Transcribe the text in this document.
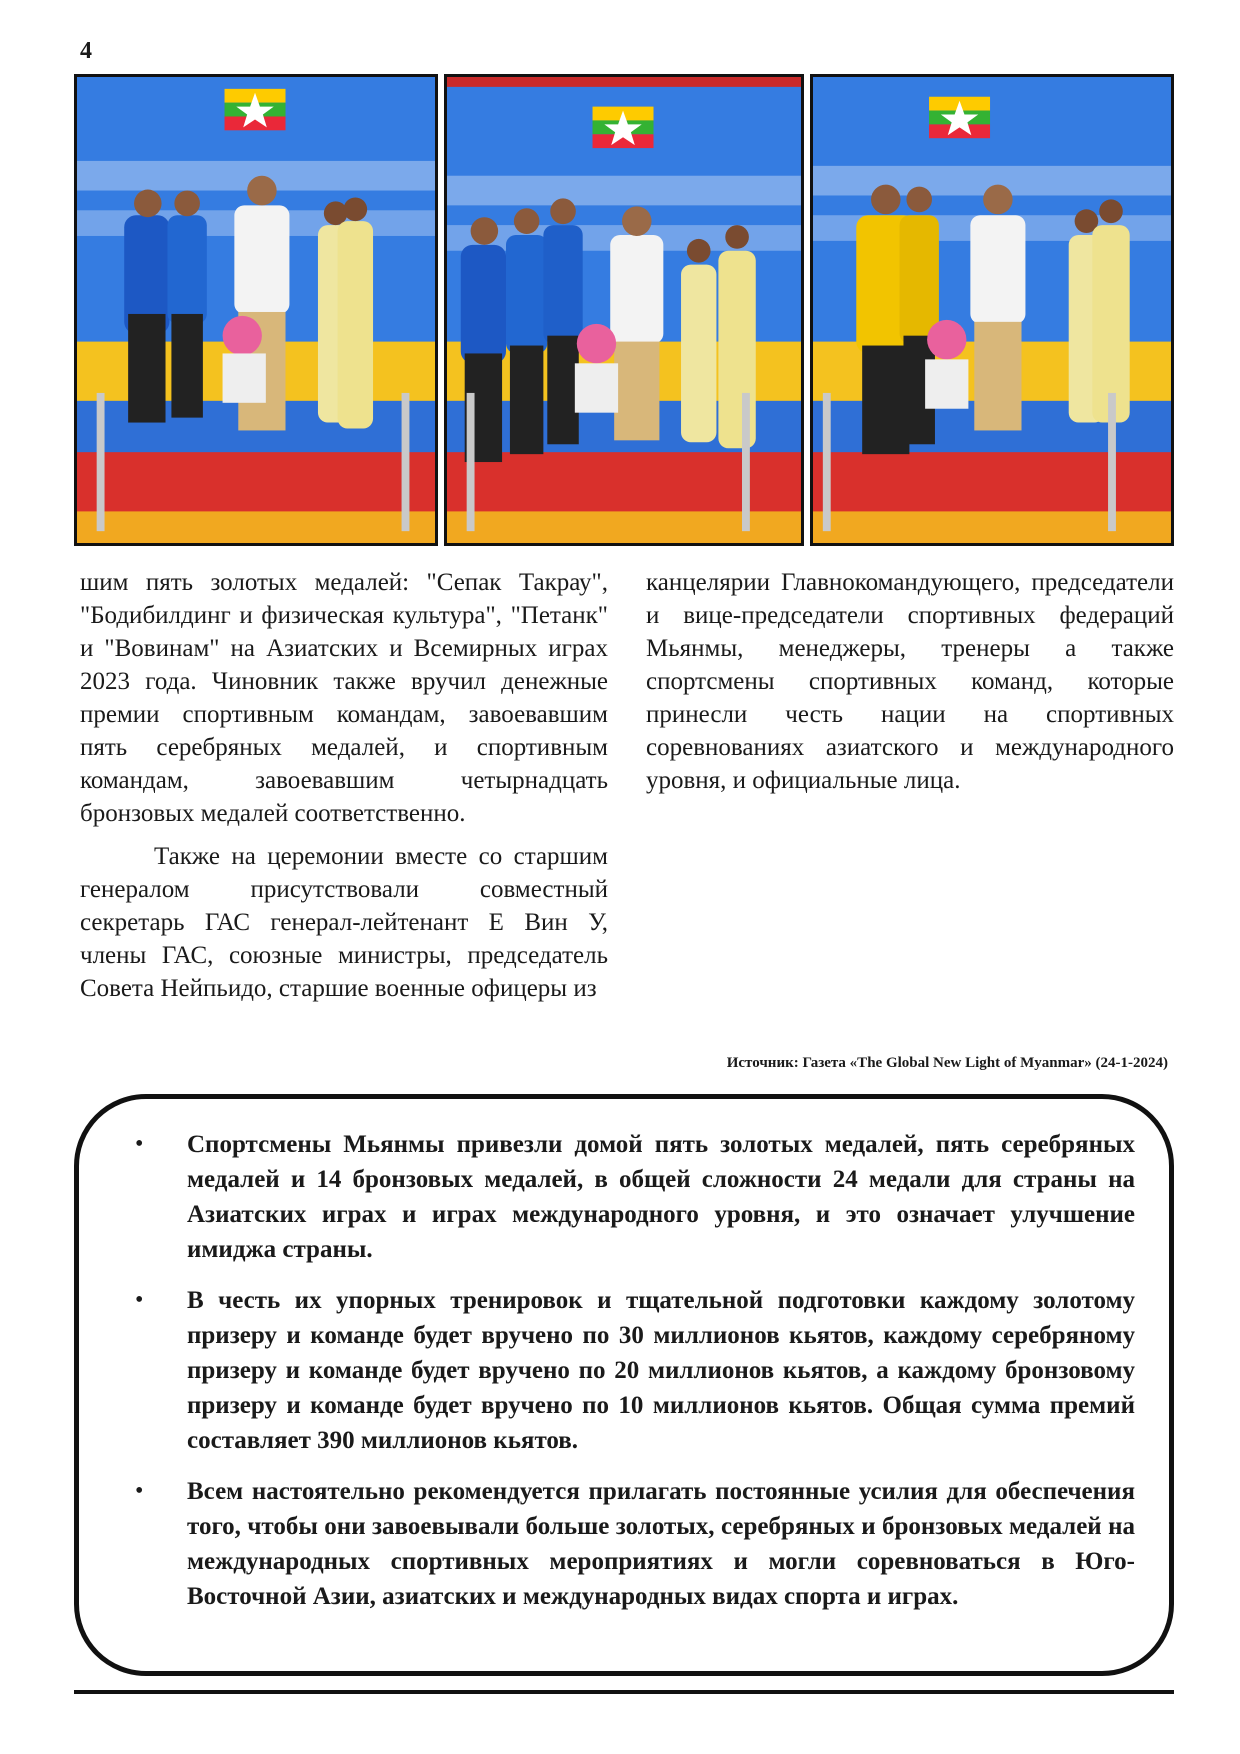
4

шим пять золотых медалей: "Сепак Такрау", "Бодибилдинг и физическая культура", "Петанк" и "Вовинам" на Азиатских и Всемирных играх 2023 года. Чиновник также вручил денежные премии спортивным командам, завоевавшим пять серебряных медалей, и спортивным командам, завоевавшим четырнадцать бронзовых медалей соответственно.

Также на церемонии вместе со старшим генералом присутствовали совместный секретарь ГАС генерал-лейтенант Е Вин У, члены ГАС, союзные министры, председатель Совета Нейпьидо, старшие военные офицеры из

канцелярии Главнокомандующего, председатели и вице-председатели спортивных федераций Мьянмы, менеджеры, тренеры а также спортсмены спортивных команд, которые принесли честь нации на спортивных соревнованиях азиатского и международного уровня, и официальные лица.

Источник: Газета «The Global New Light of Myanmar» (24-1-2024)
• Спортсмены Мьянмы привезли домой пять золотых медалей, пять серебряных медалей и 14 бронзовых медалей, в общей сложности 24 медали для страны на Азиатских играх и играх международного уровня, и это означает улучшение имиджа страны.
• В честь их упорных тренировок и тщательной подготовки каждому золотому призеру и команде будет вручено по 30 миллионов кьятов, каждому серебряному призеру и команде будет вручено по 20 миллионов кьятов, а каждому бронзовому призеру и команде будет вручено по 10 миллионов кьятов. Общая сумма премий составляет 390 миллионов кьятов.
• Всем настоятельно рекомендуется прилагать постоянные усилия для обеспечения того, чтобы они завоевывали больше золотых, серебряных и бронзовых медалей на международных спортивных мероприятиях и могли соревноваться в Юго-Восточной Азии, азиатских и международных видах спорта и играх.
